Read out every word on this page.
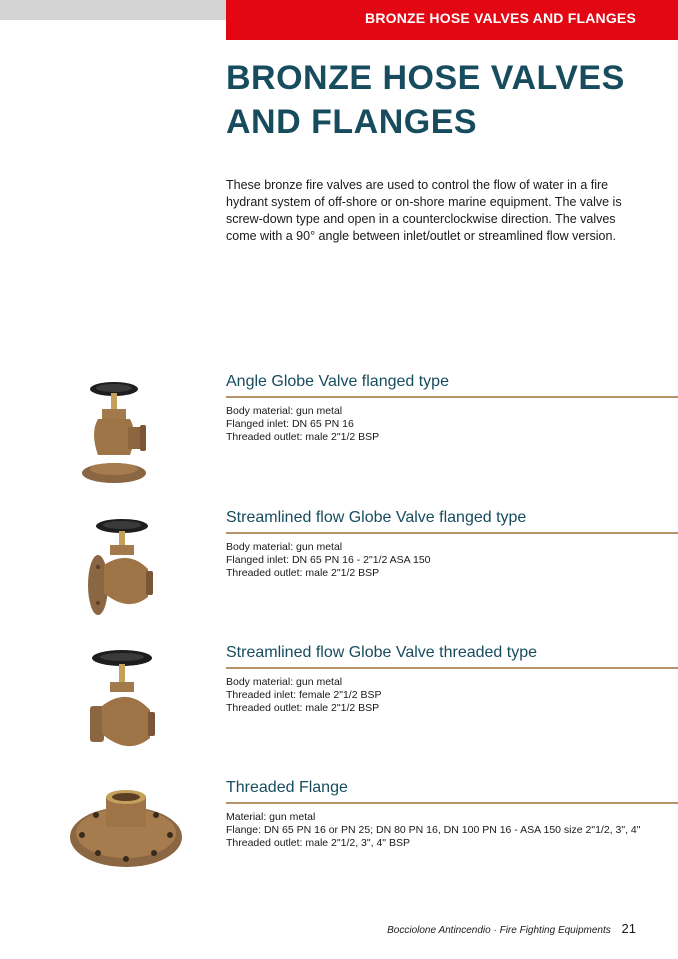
BRONZE HOSE VALVES AND FLANGES
BRONZE HOSE VALVES
AND FLANGES

These bronze fire valves are used to control the flow of water in a fire hydrant system of off-shore or on-shore marine equipment. The valve is screw-down type and open in a counterclockwise direction. The valves come with a 90° angle between inlet/outlet or streamlined flow version.

Angle Globe Valve flanged type
Body material: gun metal
Flanged inlet: DN 65 PN 16
Threaded outlet: male 2"1/2 BSP
Streamlined flow Globe Valve flanged type
Body material: gun metal
Flanged inlet: DN 65 PN 16 - 2"1/2 ASA 150
Threaded outlet: male 2"1/2 BSP
Streamlined flow Globe Valve threaded type
Body material: gun metal
Threaded inlet: female 2"1/2 BSP
Threaded outlet: male 2"1/2 BSP
Threaded Flange
Material: gun metal
Flange: DN 65 PN 16 or PN 25; DN 80 PN 16, DN 100 PN 16 - ASA 150 size 2"1/2, 3", 4"
Threaded outlet: male 2"1/2, 3", 4" BSP
Bocciolone Antincendio · Fire Fighting Equipments 21
